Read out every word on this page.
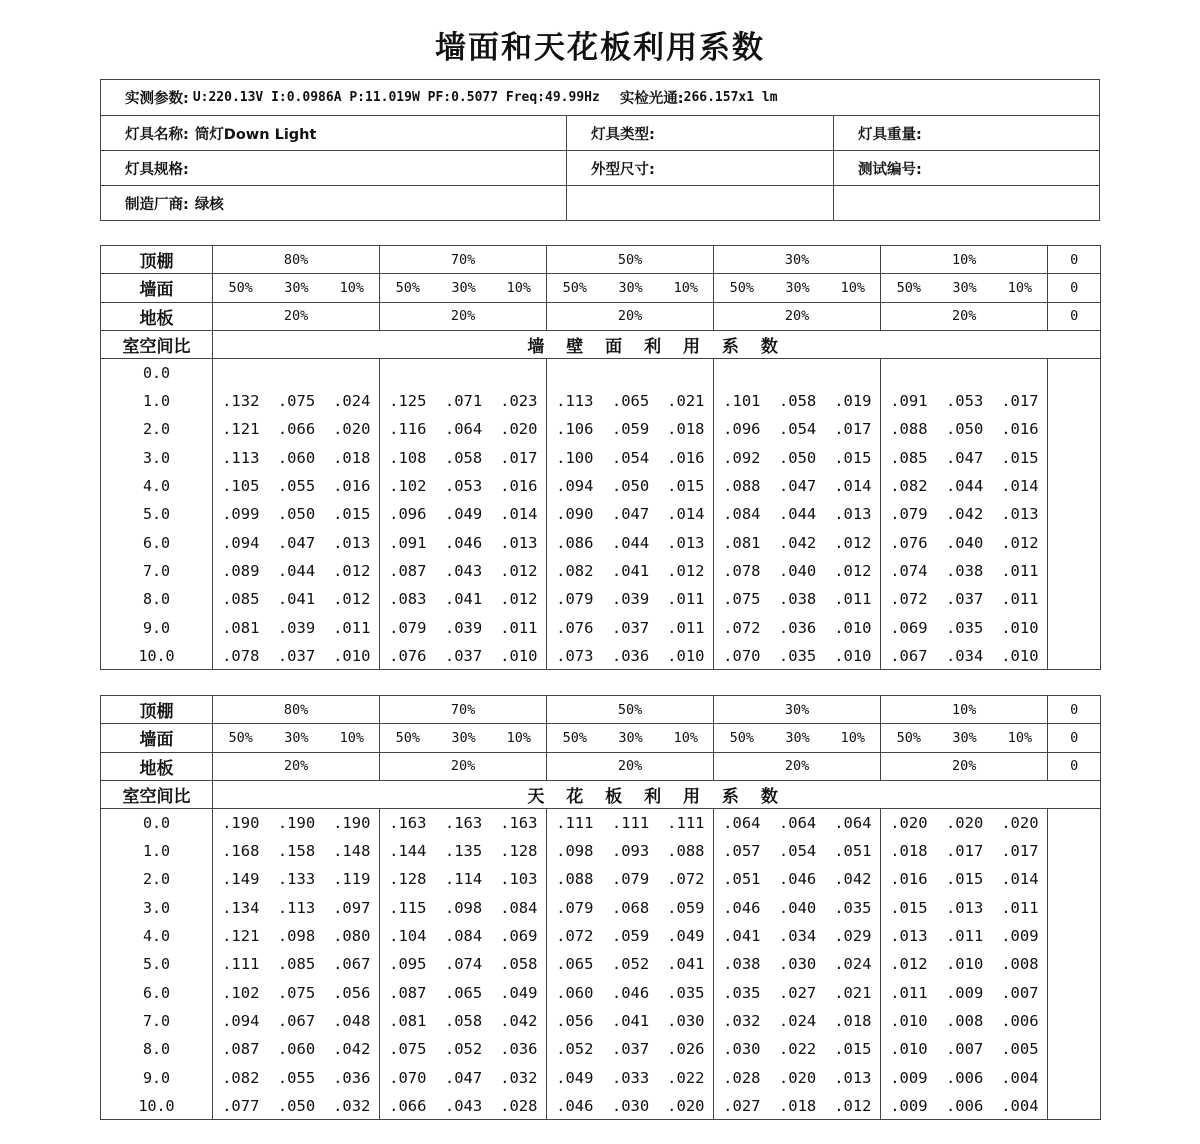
墙面和天花板利用系数
实测参数: U:220.13V I:0.0986A P:11.019W PF:0.5077 Freq:49.99Hz 实检光通: 266.157x1 lm
灯具名称: 筒灯Down Light	灯具类型:	灯具重量:
灯具规格:	外型尺寸:	测试编号:
制造厂商: 绿核
顶棚	80%			70%			50%			30%			10%			0
墙面	50%	30%	10%	50%	30%	10%	50%	30%	10%	50%	30%	10%	50%	30%	10%	0
地板	20%			20%			20%			20%			20%			0
室空间比	墙 壁 面 利 用 系 数															
0.0																
1.0	.132	.075	.024	.125	.071	.023	.113	.065	.021	.101	.058	.019	.091	.053	.017	
2.0	.121	.066	.020	.116	.064	.020	.106	.059	.018	.096	.054	.017	.088	.050	.016	
3.0	.113	.060	.018	.108	.058	.017	.100	.054	.016	.092	.050	.015	.085	.047	.015	
4.0	.105	.055	.016	.102	.053	.016	.094	.050	.015	.088	.047	.014	.082	.044	.014	
5.0	.099	.050	.015	.096	.049	.014	.090	.047	.014	.084	.044	.013	.079	.042	.013	
6.0	.094	.047	.013	.091	.046	.013	.086	.044	.013	.081	.042	.012	.076	.040	.012	
7.0	.089	.044	.012	.087	.043	.012	.082	.041	.012	.078	.040	.012	.074	.038	.011	
8.0	.085	.041	.012	.083	.041	.012	.079	.039	.011	.075	.038	.011	.072	.037	.011	
9.0	.081	.039	.011	.079	.039	.011	.076	.037	.011	.072	.036	.010	.069	.035	.010	
10.0	.078	.037	.010	.076	.037	.010	.073	.036	.010	.070	.035	.010	.067	.034	.010	
顶棚	80%			70%			50%			30%			10%			0
墙面	50%	30%	10%	50%	30%	10%	50%	30%	10%	50%	30%	10%	50%	30%	10%	0
地板	20%			20%			20%			20%			20%			0
室空间比	天 花 板 利 用 系 数															
0.0	.190	.190	.190	.163	.163	.163	.111	.111	.111	.064	.064	.064	.020	.020	.020	
1.0	.168	.158	.148	.144	.135	.128	.098	.093	.088	.057	.054	.051	.018	.017	.017	
2.0	.149	.133	.119	.128	.114	.103	.088	.079	.072	.051	.046	.042	.016	.015	.014	
3.0	.134	.113	.097	.115	.098	.084	.079	.068	.059	.046	.040	.035	.015	.013	.011	
4.0	.121	.098	.080	.104	.084	.069	.072	.059	.049	.041	.034	.029	.013	.011	.009	
5.0	.111	.085	.067	.095	.074	.058	.065	.052	.041	.038	.030	.024	.012	.010	.008	
6.0	.102	.075	.056	.087	.065	.049	.060	.046	.035	.035	.027	.021	.011	.009	.007	
7.0	.094	.067	.048	.081	.058	.042	.056	.041	.030	.032	.024	.018	.010	.008	.006	
8.0	.087	.060	.042	.075	.052	.036	.052	.037	.026	.030	.022	.015	.010	.007	.005	
9.0	.082	.055	.036	.070	.047	.032	.049	.033	.022	.028	.020	.013	.009	.006	.004	
10.0	.077	.050	.032	.066	.043	.028	.046	.030	.020	.027	.018	.012	.009	.006	.004	
